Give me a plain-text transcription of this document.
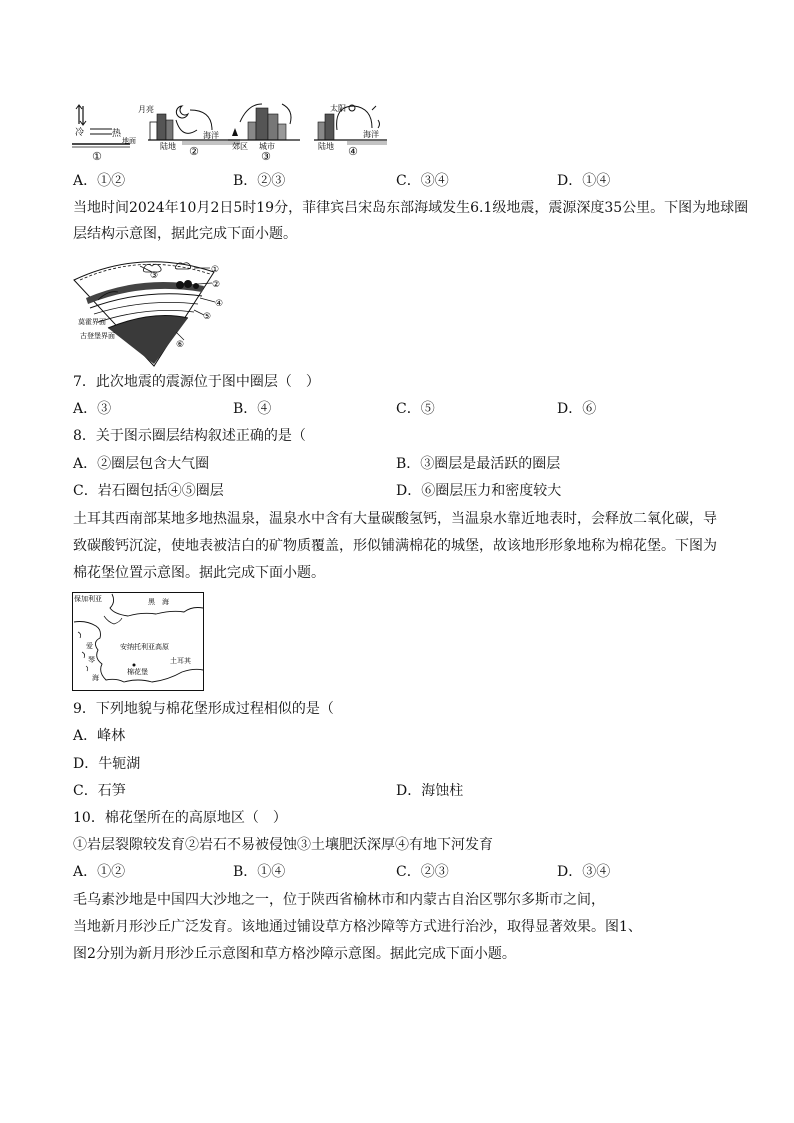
冷	热
地面
①
月亮
海洋
陆地 ②	郊区 城市
③
太阳
海洋
陆地 ④
A．①②	B．②③	C．③④	D．①④
当地时间2024年10月2日5时19分，菲律宾吕宋岛东部海域发生6.1级地震，震源深度35公里。下图为地球圈
层结构示意图，据此完成下面小题。
①
②
③
④
⑤
⑥
莫霍界面
古登堡界面
7．此次地震的震源位于图中圈层（　）
A．③	B．④	C．⑤	D．⑥
8．关于图示圈层结构叙述正确的是（
A．②圈层包含大气圈	B．③圈层是最活跃的圈层
C．岩石圈包括④⑤圈层	D．⑥圈层压力和密度较大
土耳其西南部某地多地热温泉，温泉水中含有大量碳酸氢钙，当温泉水靠近地表时，会释放二氧化碳，导
致碳酸钙沉淀，使地表被洁白的矿物质覆盖，形似铺满棉花的城堡，故该地形形象地称为棉花堡。下图为
棉花堡位置示意图。据此完成下面小题。
保加利亚	黑　海
安纳托利亚高原
土耳其
棉花堡
爱
琴
海
9．下列地貌与棉花堡形成过程相似的是（
A．峰林
D．牛轭湖
C．石笋	D．海蚀柱
10．棉花堡所在的高原地区（　）
①岩层裂隙较发育②岩石不易被侵蚀③土壤肥沃深厚④有地下河发育
A．①②	B．①④	C．②③	D．③④
毛乌素沙地是中国四大沙地之一，位于陕西省榆林市和内蒙古自治区鄂尔多斯市之间，
当地新月形沙丘广泛发育。该地通过铺设草方格沙障等方式进行治沙，取得显著效果。图1、
图2分别为新月形沙丘示意图和草方格沙障示意图。据此完成下面小题。
